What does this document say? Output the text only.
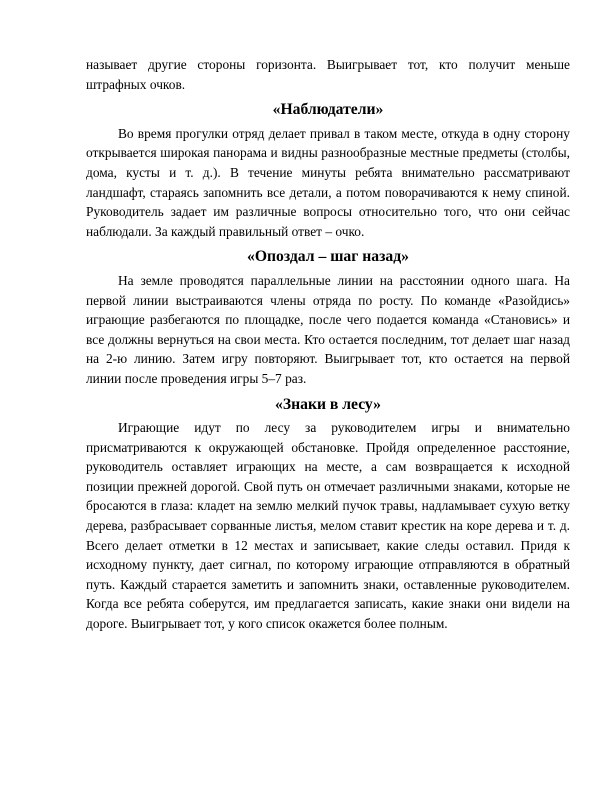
называет другие стороны горизонта. Выигрывает тот, кто получит меньше штрафных очков.

«Наблюдатели»

Во время прогулки отряд делает привал в таком месте, откуда в одну сторону открывается широкая панорама и видны разнообразные местные предметы (столбы, дома, кусты и т. д.). В течение минуты ребята внимательно рассматривают ландшафт, стараясь запомнить все детали, а потом поворачиваются к нему спиной. Руководитель задает им различные вопросы относительно того, что они сейчас наблюдали. За каждый правильный ответ – очко.

«Опоздал – шаг назад»

На земле проводятся параллельные линии на расстоянии одного шага. На первой линии выстраиваются члены отряда по росту. По команде «Разойдись» играющие разбегаются по площадке, после чего подается команда «Становись» и все должны вернуться на свои места. Кто остается последним, тот делает шаг назад на 2-ю линию. Затем игру повторяют. Выигрывает тот, кто остается на первой линии после проведения игры 5–7 раз.

«Знаки в лесу»

Играющие идут по лесу за руководителем игры и внимательно присматриваются к окружающей обстановке. Пройдя определенное расстояние, руководитель оставляет играющих на месте, а сам возвращается к исходной позиции прежней дорогой. Свой путь он отмечает различными знаками, которые не бросаются в глаза: кладет на землю мелкий пучок травы, надламывает сухую ветку дерева, разбрасывает сорванные листья, мелом ставит крестик на коре дерева и т. д. Всего делает отметки в 12 местах и записывает, какие следы оставил. Придя к исходному пункту, дает сигнал, по которому играющие отправляются в обратный путь. Каждый старается заметить и запомнить знаки, оставленные руководителем. Когда все ребята соберутся, им предлагается записать, какие знаки они видели на дороге. Выигрывает тот, у кого список окажется более полным.
